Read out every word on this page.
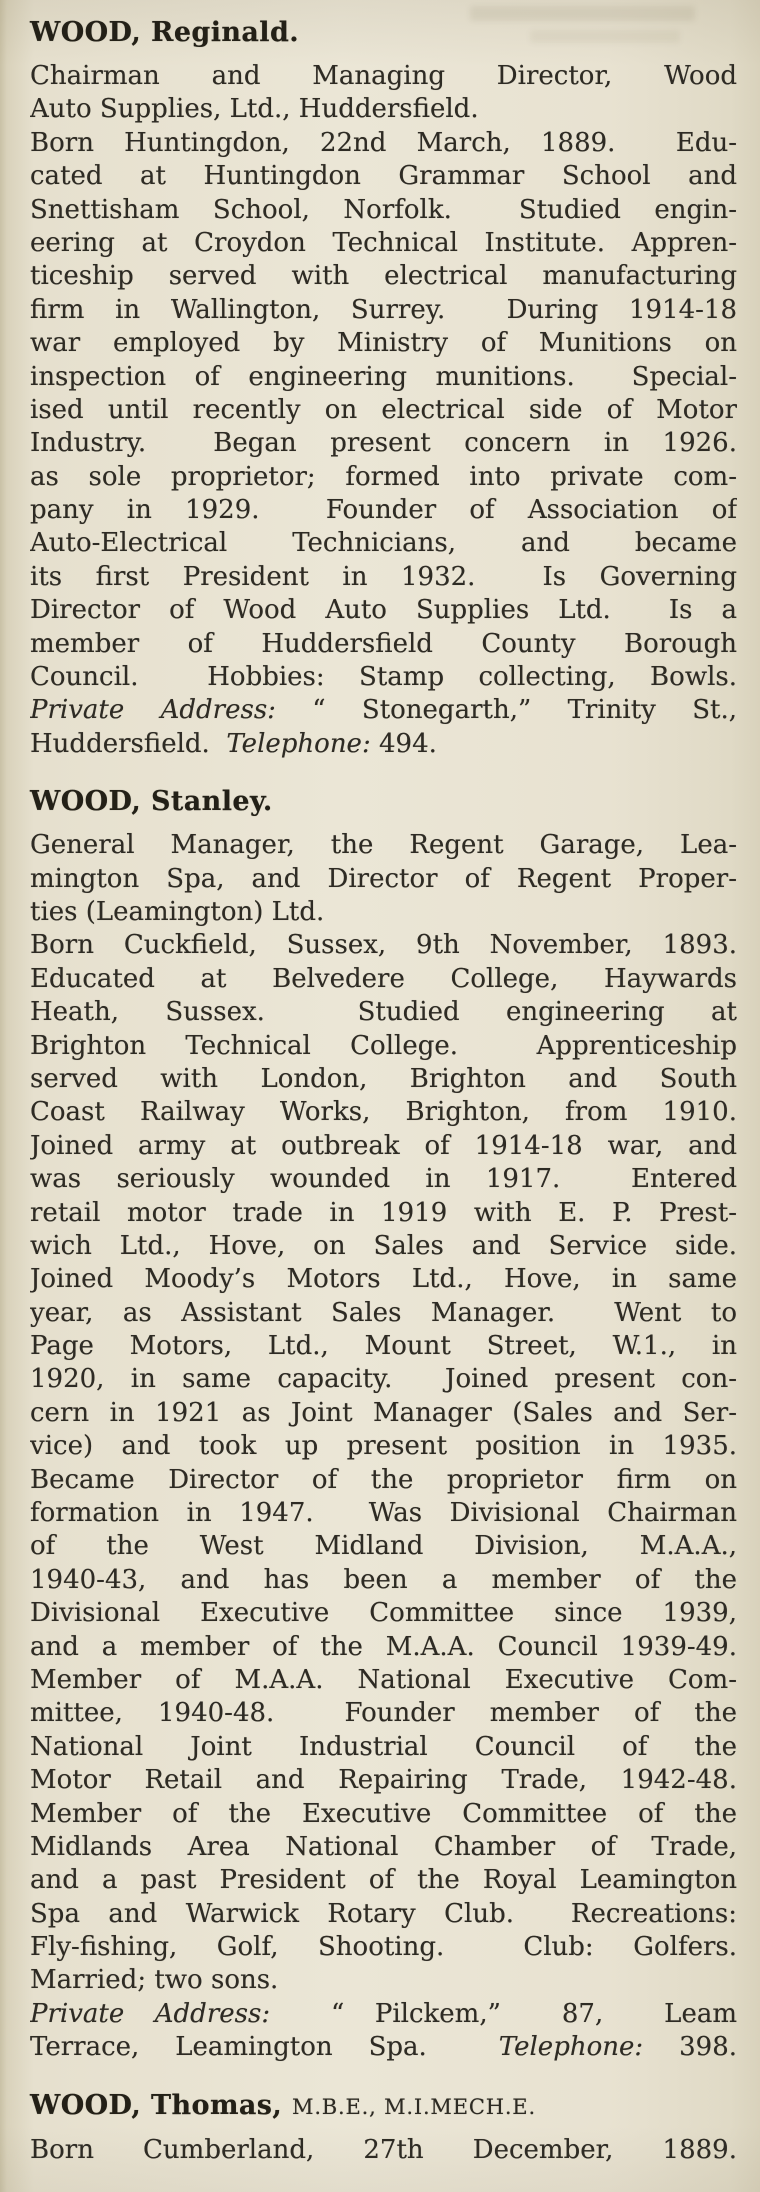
WOOD, Reginald.
Chairman and Managing Director, Wood
Auto Supplies, Ltd., Huddersfield.
Born Huntingdon, 22nd March, 1889.  Edu-
cated at Huntingdon Grammar School and
Snettisham School, Norfolk.  Studied engin-
eering at Croydon Technical Institute. Appren-
ticeship served with electrical manufacturing
firm in Wallington, Surrey.  During 1914-18
war employed by Ministry of Munitions on
inspection of engineering munitions.  Special-
ised until recently on electrical side of Motor
Industry.  Began present concern in 1926.
as sole proprietor; formed into private com-
pany in 1929.  Founder of Association of
Auto-Electrical Technicians, and became
its first President in 1932.  Is Governing
Director of Wood Auto Supplies Ltd.  Is a
member of Huddersfield County Borough
Council.  Hobbies: Stamp collecting, Bowls.
Private Address: “ Stonegarth,” Trinity St.,
Huddersfield.  Telephone: 494.
WOOD, Stanley.
General Manager, the Regent Garage, Lea-
mington Spa, and Director of Regent Proper-
ties (Leamington) Ltd.
Born Cuckfield, Sussex, 9th November, 1893.
Educated at Belvedere College, Haywards
Heath, Sussex.  Studied engineering at
Brighton Technical College.  Apprenticeship
served with London, Brighton and South
Coast Railway Works, Brighton, from 1910.
Joined army at outbreak of 1914-18 war, and
was seriously wounded in 1917.  Entered
retail motor trade in 1919 with E. P. Prest-
wich Ltd., Hove, on Sales and Service side.
Joined Moody’s Motors Ltd., Hove, in same
year, as Assistant Sales Manager.  Went to
Page Motors, Ltd., Mount Street, W.1., in
1920, in same capacity.  Joined present con-
cern in 1921 as Joint Manager (Sales and Ser-
vice) and took up present position in 1935.
Became Director of the proprietor firm on
formation in 1947.  Was Divisional Chairman
of the West Midland Division, M.A.A.,
1940-43, and has been a member of the
Divisional Executive Committee since 1939,
and a member of the M.A.A. Council 1939-49.
Member of M.A.A. National Executive Com-
mittee, 1940-48.  Founder member of the
National Joint Industrial Council of the
Motor Retail and Repairing Trade, 1942-48.
Member of the Executive Committee of the
Midlands Area National Chamber of Trade,
and a past President of the Royal Leamington
Spa and Warwick Rotary Club.  Recreations:
Fly-fishing, Golf, Shooting.  Club: Golfers.
Married; two sons.
Private Address:  “ Pilckem,”  87,  Leam
Terrace, Leamington Spa.  Telephone: 398.
WOOD, Thomas, M.B.E., M.I.MECH.E.
Born Cumberland, 27th December, 1889.
